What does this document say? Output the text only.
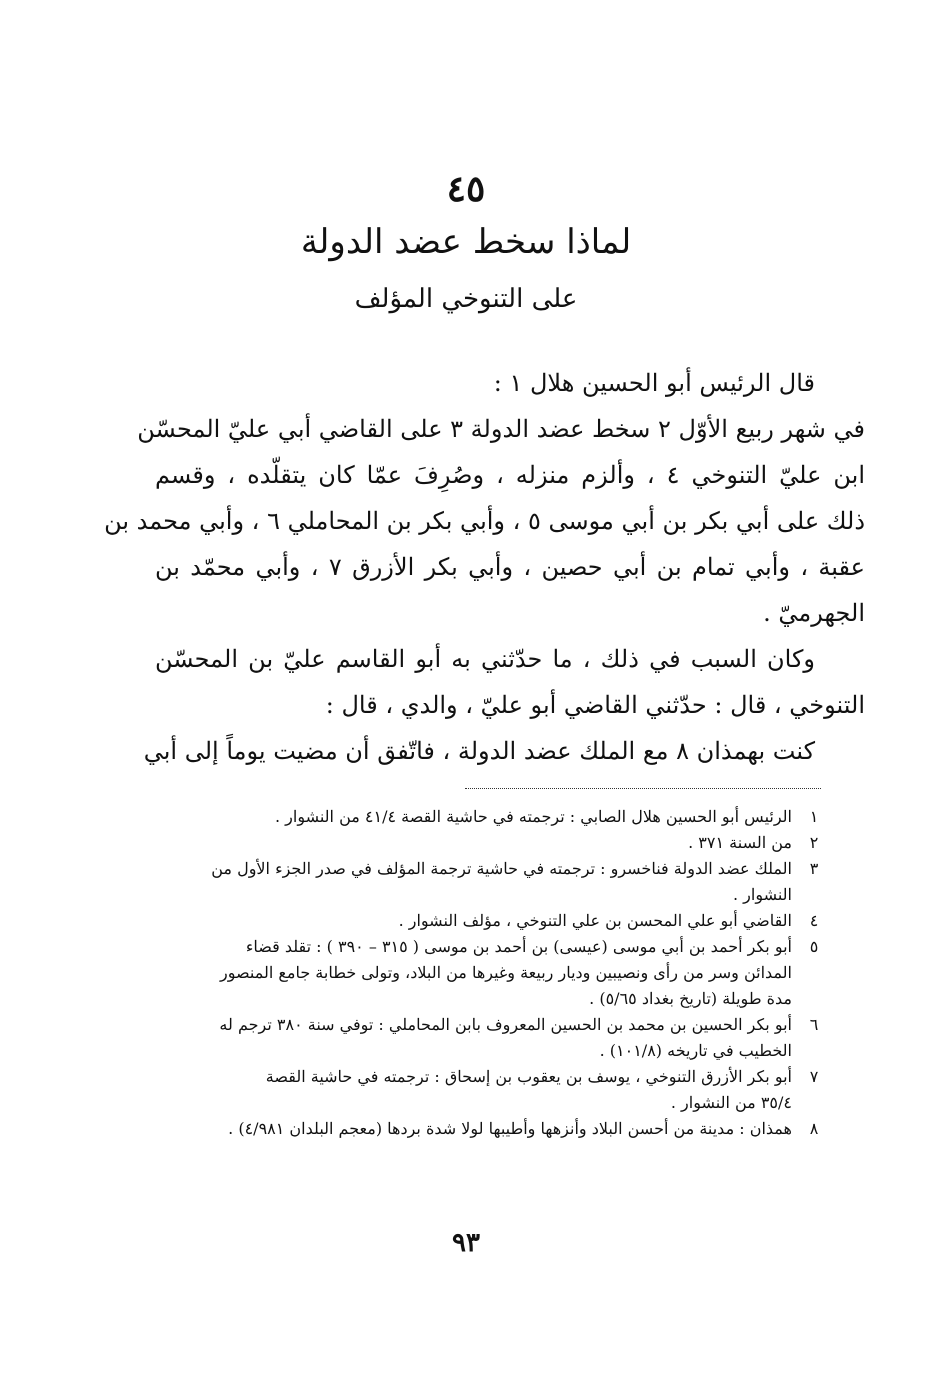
٤٥
لماذا سخط عضد الدولة
على التنوخي المؤلف
قال الرئيس أبو الحسين هلال ١ :
في شهر ربيع الأوّل ٢ سخط عضد الدولة ٣ على القاضي أبي عليّ المحسّن
ابن عليّ التنوخي ٤ ، وألزم منزله ، وصُرِفَ عمّا كان يتقلّده ، وقسم
ذلك على أبي بكر بن أبي موسى ٥ ، وأبي بكر بن المحاملي ٦ ، وأبي محمد بن
عقبة ، وأبي تمام بن أبي حصين ، وأبي بكر الأزرق ٧ ، وأبي محمّد بن
الجهرميّ .
وكان السبب في ذلك ، ما حدّثني به أبو القاسم عليّ بن المحسّن
التنوخي ، قال : حدّثني القاضي أبو عليّ ، والدي ، قال :
كنت بهمذان ٨ مع الملك عضد الدولة ، فاتّفق أن مضيت يوماً إلى أبي
١
الرئيس أبو الحسين هلال الصابي : ترجمته في حاشية القصة ٤١/٤ من النشوار .
٢
من السنة ٣٧١ .
٣
الملك عضد الدولة فناخسرو : ترجمته في حاشية ترجمة المؤلف في صدر الجزء الأول من
النشوار .
٤
القاضي أبو علي المحسن بن علي التنوخي ، مؤلف النشوار .
٥
أبو بكر أحمد بن أبي موسى (عيسى) بن أحمد بن موسى ( ٣١٥ – ٣٩٠ ) : تقلد قضاء
المدائن وسر من رأى ونصيبين وديار ربيعة وغيرها من البلاد، وتولى خطابة جامع المنصور
مدة طويلة (تاريخ بغداد ٥/٦٥) .
٦
أبو بكر الحسين بن محمد بن الحسين المعروف بابن المحاملي : توفي سنة ٣٨٠ ترجم له
الخطيب في تاريخه (١٠١/٨) .
٧
أبو بكر الأزرق التنوخي ، يوسف بن يعقوب بن إسحاق : ترجمته في حاشية القصة
٣٥/٤ من النشوار .
٨
همذان : مدينة من أحسن البلاد وأنزهها وأطيبها لولا شدة بردها (معجم البلدان ٤/٩٨١) .
٩٣
